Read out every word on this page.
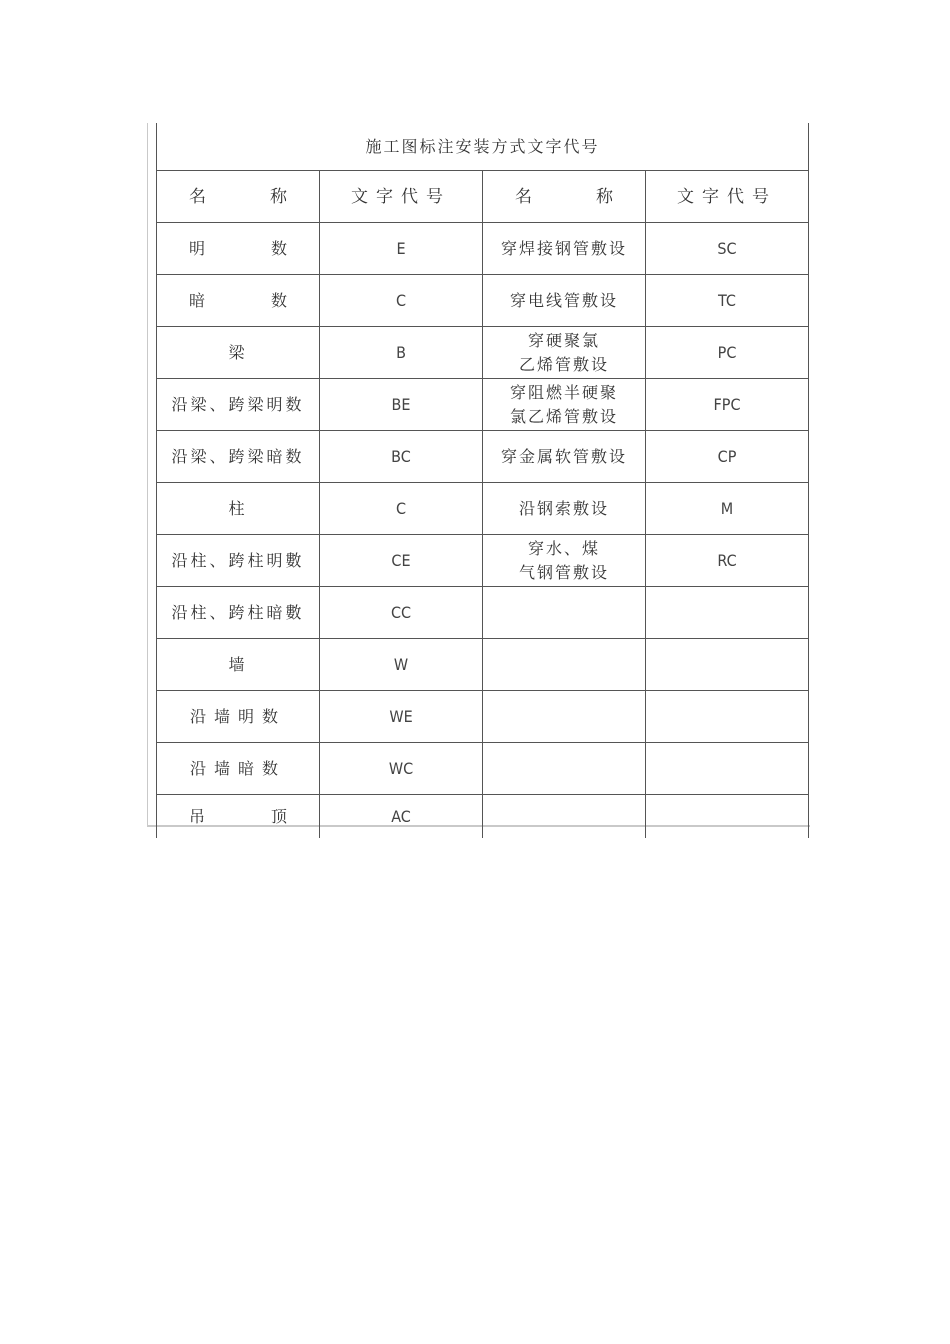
施工图标注安装方式文字代号			

名 称	文字代号	名 称	文字代号

明 数	E	穿焊接钢管敷设	SC

暗 数	C	穿电线管敷设	TC
梁	B	穿硬聚氯
乙烯管敷设	PC
沿梁、跨梁明数	BE	穿阻燃半硬聚
氯乙烯管敷设	FPC
沿梁、跨梁暗数	BC	穿金属软管敷设	CP
柱	C	沿钢索敷设	M
沿柱、跨柱明數	CE	穿水、煤
气钢管敷设	RC
沿柱、跨柱暗數	CC		
墙	W		
沿墙明数	WE		
沿墙暗数	WC		

吊 顶	AC		
